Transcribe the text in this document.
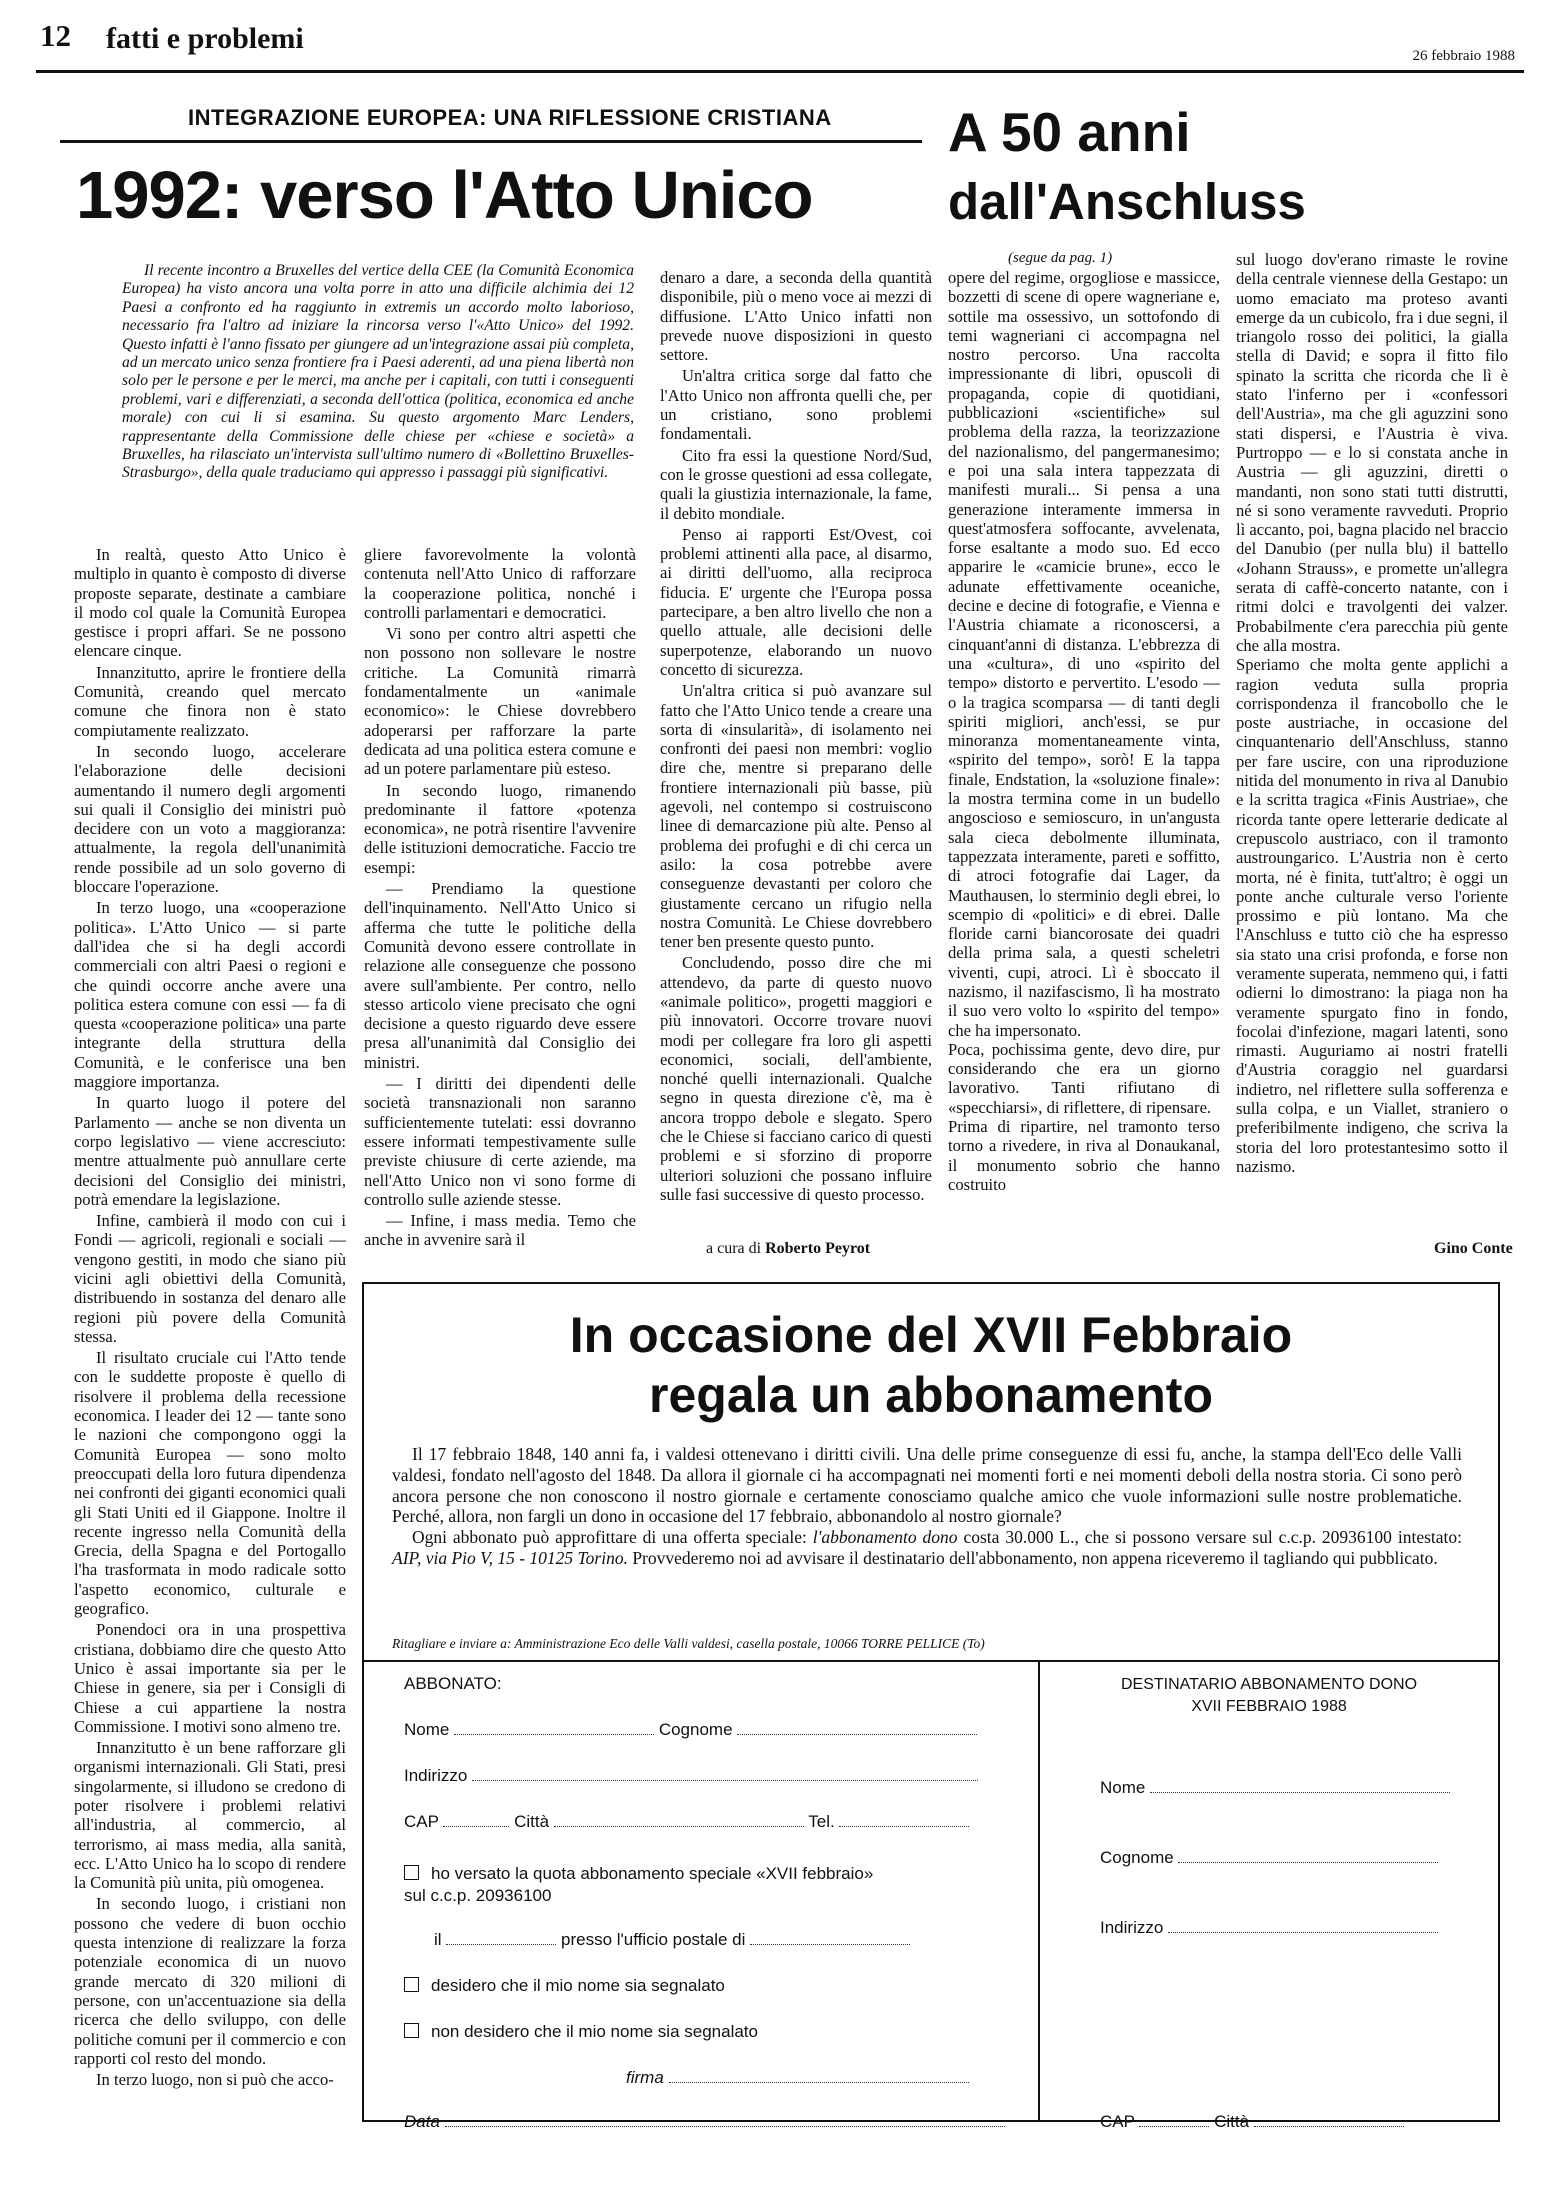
12 fatti e problemi
26 febbraio 1988
INTEGRAZIONE EUROPEA: UNA RIFLESSIONE CRISTIANA
1992: verso l'Atto Unico

Il recente incontro a Bruxelles del vertice della CEE (la Comunità Economica Europea) ha visto ancora una volta porre in atto una difficile alchimia dei 12 Paesi a confronto ed ha raggiunto in extremis un accordo molto laborioso, necessario fra l'altro ad iniziare la rincorsa verso l'«Atto Unico» del 1992. Questo infatti è l'anno fissato per giungere ad un'integrazione assai più completa, ad un mercato unico senza frontiere fra i Paesi aderenti, ad una piena libertà non solo per le persone e per le merci, ma anche per i capitali, con tutti i conseguenti problemi, vari e differenziati, a seconda dell'ottica (politica, economica ed anche morale) con cui li si esamina. Su questo argomento Marc Lenders, rappresentante della Commissione delle chiese per «chiese e società» a Bruxelles, ha rilasciato un'intervista sull'ultimo numero di «Bollettino Bruxelles-Strasburgo», della quale traduciamo qui appresso i passaggi più significativi.

In realtà, questo Atto Unico è multiplo in quanto è composto di diverse proposte separate, destinate a cambiare il modo col quale la Comunità Europea gestisce i propri affari. Se ne possono elencare cinque.

Innanzitutto, aprire le frontiere della Comunità, creando quel mercato comune che finora non è stato compiutamente realizzato.

In secondo luogo, accelerare l'elaborazione delle decisioni aumentando il numero degli argomenti sui quali il Consiglio dei ministri può decidere con un voto a maggioranza: attualmente, la regola dell'unanimità rende possibile ad un solo governo di bloccare l'operazione.

In terzo luogo, una «cooperazione politica». L'Atto Unico — si parte dall'idea che si ha degli accordi commerciali con altri Paesi o regioni e che quindi occorre anche avere una politica estera comune con essi — fa di questa «cooperazione politica» una parte integrante della struttura della Comunità, e le conferisce una ben maggiore importanza.

In quarto luogo il potere del Parlamento — anche se non diventa un corpo legislativo — viene accresciuto: mentre attualmente può annullare certe decisioni del Consiglio dei ministri, potrà emendare la legislazione.

Infine, cambierà il modo con cui i Fondi — agricoli, regionali e sociali — vengono gestiti, in modo che siano più vicini agli obiettivi della Comunità, distribuendo in sostanza del denaro alle regioni più povere della Comunità stessa.

Il risultato cruciale cui l'Atto tende con le suddette proposte è quello di risolvere il problema della recessione economica. I leader dei 12 — tante sono le nazioni che compongono oggi la Comunità Europea — sono molto preoccupati della loro futura dipendenza nei confronti dei giganti economici quali gli Stati Uniti ed il Giappone. Inoltre il recente ingresso nella Comunità della Grecia, della Spagna e del Portogallo l'ha trasformata in modo radicale sotto l'aspetto economico, culturale e geografico.

Ponendoci ora in una prospettiva cristiana, dobbiamo dire che questo Atto Unico è assai importante sia per le Chiese in genere, sia per i Consigli di Chiese a cui appartiene la nostra Commissione. I motivi sono almeno tre.

Innanzitutto è un bene rafforzare gli organismi internazionali. Gli Stati, presi singolarmente, si illudono se credono di poter risolvere i problemi relativi all'industria, al commercio, al terrorismo, ai mass media, alla sanità, ecc. L'Atto Unico ha lo scopo di rendere la Comunità più unita, più omogenea.

In secondo luogo, i cristiani non possono che vedere di buon occhio questa intenzione di realizzare la forza potenziale economica di un nuovo grande mercato di 320 milioni di persone, con un'accentuazione sia della ricerca che dello sviluppo, con delle politiche comuni per il commercio e con rapporti col resto del mondo.

In terzo luogo, non si può che acco-

gliere favorevolmente la volontà contenuta nell'Atto Unico di rafforzare la cooperazione politica, nonché i controlli parlamentari e democratici.

Vi sono per contro altri aspetti che non possono non sollevare le nostre critiche. La Comunità rimarrà fondamentalmente un «animale economico»: le Chiese dovrebbero adoperarsi per rafforzare la parte dedicata ad una politica estera comune e ad un potere parlamentare più esteso.

In secondo luogo, rimanendo predominante il fattore «potenza economica», ne potrà risentire l'avvenire delle istituzioni democratiche. Faccio tre esempi:

— Prendiamo la questione dell'inquinamento. Nell'Atto Unico si afferma che tutte le politiche della Comunità devono essere controllate in relazione alle conseguenze che possono avere sull'ambiente. Per contro, nello stesso articolo viene precisato che ogni decisione a questo riguardo deve essere presa all'unanimità dal Consiglio dei ministri.

— I diritti dei dipendenti delle società transnazionali non saranno sufficientemente tutelati: essi dovranno essere informati tempestivamente sulle previste chiusure di certe aziende, ma nell'Atto Unico non vi sono forme di controllo sulle aziende stesse.

— Infine, i mass media. Temo che anche in avvenire sarà il

denaro a dare, a seconda della quantità disponibile, più o meno voce ai mezzi di diffusione. L'Atto Unico infatti non prevede nuove disposizioni in questo settore.

Un'altra critica sorge dal fatto che l'Atto Unico non affronta quelli che, per un cristiano, sono problemi fondamentali.

Cito fra essi la questione Nord/Sud, con le grosse questioni ad essa collegate, quali la giustizia internazionale, la fame, il debito mondiale.

Penso ai rapporti Est/Ovest, coi problemi attinenti alla pace, al disarmo, ai diritti dell'uomo, alla reciproca fiducia. E' urgente che l'Europa possa partecipare, a ben altro livello che non a quello attuale, alle decisioni delle superpotenze, elaborando un nuovo concetto di sicurezza.

Un'altra critica si può avanzare sul fatto che l'Atto Unico tende a creare una sorta di «insularità», di isolamento nei confronti dei paesi non membri: voglio dire che, mentre si preparano delle frontiere internazionali più basse, più agevoli, nel contempo si costruiscono linee di demarcazione più alte. Penso al problema dei profughi e di chi cerca un asilo: la cosa potrebbe avere conseguenze devastanti per coloro che giustamente cercano un rifugio nella nostra Comunità. Le Chiese dovrebbero tener ben presente questo punto.

Concludendo, posso dire che mi attendevo, da parte di questo nuovo «animale politico», progetti maggiori e più innovatori. Occorre trovare nuovi modi per collegare fra loro gli aspetti economici, sociali, dell'ambiente, nonché quelli internazionali. Qualche segno in questa direzione c'è, ma è ancora troppo debole e slegato. Spero che le Chiese si facciano carico di questi problemi e si sforzino di proporre ulteriori soluzioni che possano influire sulle fasi successive di questo processo.

a cura di Roberto Peyrot
A 50 anni
dall'Anschluss
(segue da pag. 1)

opere del regime, orgogliose e massicce, bozzetti di scene di opere wagneriane e, sottile ma ossessivo, un sottofondo di temi wagneriani ci accompagna nel nostro percorso. Una raccolta impressionante di libri, opuscoli di propaganda, copie di quotidiani, pubblicazioni «scientifiche» sul problema della razza, la teorizzazione del nazionalismo, del pangermanesimo; e poi una sala intera tappezzata di manifesti murali... Si pensa a una generazione interamente immersa in quest'atmosfera soffocante, avvelenata, forse esaltante a modo suo. Ed ecco apparire le «camicie brune», ecco le adunate effettivamente oceaniche, decine e decine di fotografie, e Vienna e l'Austria chiamate a riconoscersi, a cinquant'anni di distanza. L'ebbrezza di una «cultura», di uno «spirito del tempo» distorto e pervertito. L'esodo — o la tragica scomparsa — di tanti degli spiriti migliori, anch'essi, se pur minoranza momentaneamente vinta, «spirito del tempo», sorò! E la tappa finale, Endstation, la «soluzione finale»: la mostra termina come in un budello angoscioso e semioscuro, in un'angusta sala ciecа debolmente illuminata, tappezzata interamente, pareti e soffitto, di atroci fotografie dai Lager, da Mauthausen, lo sterminio degli ebrei, lo scempio di «politici» e di ebrei. Dalle floride carni biancorosate dei quadri della prima sala, a questi scheletri viventi, cupi, atroci. Lì è sboccato il nazismo, il nazifascismo, lì ha mostrato il suo vero volto lo «spirito del tempo» che ha impersonato.
Poca, pochissima gente, devo dire, pur considerando che era un giorno lavorativo. Tanti rifiutano di «specchiarsi», di riflettere, di ripensare.
Prima di ripartire, nel tramonto terso torno a rivedere, in riva al Donaukanal, il monumento sobrio che hanno costruito

sul luogo dov'erano rimaste le rovine della centrale viennese della Gestapo: un uomo emaciato ma proteso avanti emerge da un cubicolo, fra i due segni, il triangolo rosso dei politici, la gialla stella di David; e sopra il fitto filo spinato la scritta che ricorda che lì è stato l'inferno per i «confessori dell'Austria», ma che gli aguzzini sono stati dispersi, e l'Austria è viva. Purtroppo — e lo si constata anche in Austria — gli aguzzini, diretti o mandanti, non sono stati tutti distrutti, né si sono veramente ravveduti. Proprio lì accanto, poi, bagna placido nel braccio del Danubio (per nulla blu) il battello «Johann Strauss», e promette un'allegra serata di caffè-concerto natante, con i ritmi dolci e travolgenti dei valzer. Probabilmente c'era parecchia più gente che alla mostra.
Speriamo che molta gente applichi a ragion veduta sulla propria corrispondenza il francobollo che le poste austriache, in occasione del cinquantenario dell'Anschluss, stanno per fare uscire, con una riproduzione nitida del monumento in riva al Danubio e la scritta tragica «Finis Austriae», che ricorda tante opere letterarie dedicate al crepuscolo austriaco, con il tramonto austroungarico. L'Austria non è certo morta, né è finita, tutt'altro; è oggi un ponte anche culturale verso l'oriente prossimo e più lontano. Ma che l'Anschluss e tutto ciò che ha espresso sia stato una crisi profonda, e forse non veramente superata, nemmeno qui, i fatti odierni lo dimostrano: la piaga non ha veramente spurgato fino in fondo, focolai d'infezione, magari latenti, sono rimasti. Auguriamo ai nostri fratelli d'Austria coraggio nel guardarsi indietro, nel riflettere sulla sofferenza e sulla colpa, e un Viallet, straniero o preferibilmente indigeno, che scriva la storia del loro protestantesimo sotto il nazismo.

Gino Conte
In occasione del XVII Febbraio
regala un abbonamento
Il 17 febbraio 1848, 140 anni fa, i valdesi ottenevano i diritti civili. Una delle prime conseguenze di essi fu, anche, la stampa dell'Eco delle Valli valdesi, fondato nell'agosto del 1848. Da allora il giornale ci ha accompagnati nei momenti forti e nei momenti deboli della nostra storia. Ci sono però ancora persone che non conoscono il nostro giornale e certamente conosciamo qualche amico che vuole informazioni sulle nostre problematiche. Perché, allora, non fargli un dono in occasione del 17 febbraio, abbonandolo al nostro giornale?
Ogni abbonato può approfittare di una offerta speciale: l'abbonamento dono costa 30.000 L., che si possono versare sul c.c.p. 20936100 intestato: AIP, via Pio V, 15 - 10125 Torino. Provvederemo noi ad avvisare il destinatario dell'abbonamento, non appena riceveremo il tagliando qui pubblicato.
Ritagliare e inviare a: Amministrazione Eco delle Valli valdesi, casella postale, 10066 TORRE PELLICE (To)
ABBONATO:
Nome	Cognome
Indirizzo
CAP	Città	Tel.
ho versato la quota abbonamento speciale «XVII febbraio»
sul c.c.p. 20936100
il	presso l'ufficio postale di
desidero che il mio nome sia segnalato
non desidero che il mio nome sia segnalato
firma
Data
DESTINATARIO ABBONAMENTO DONO
XVII FEBBRAIO 1988
Nome
Cognome
Indirizzo
CAP	Città
